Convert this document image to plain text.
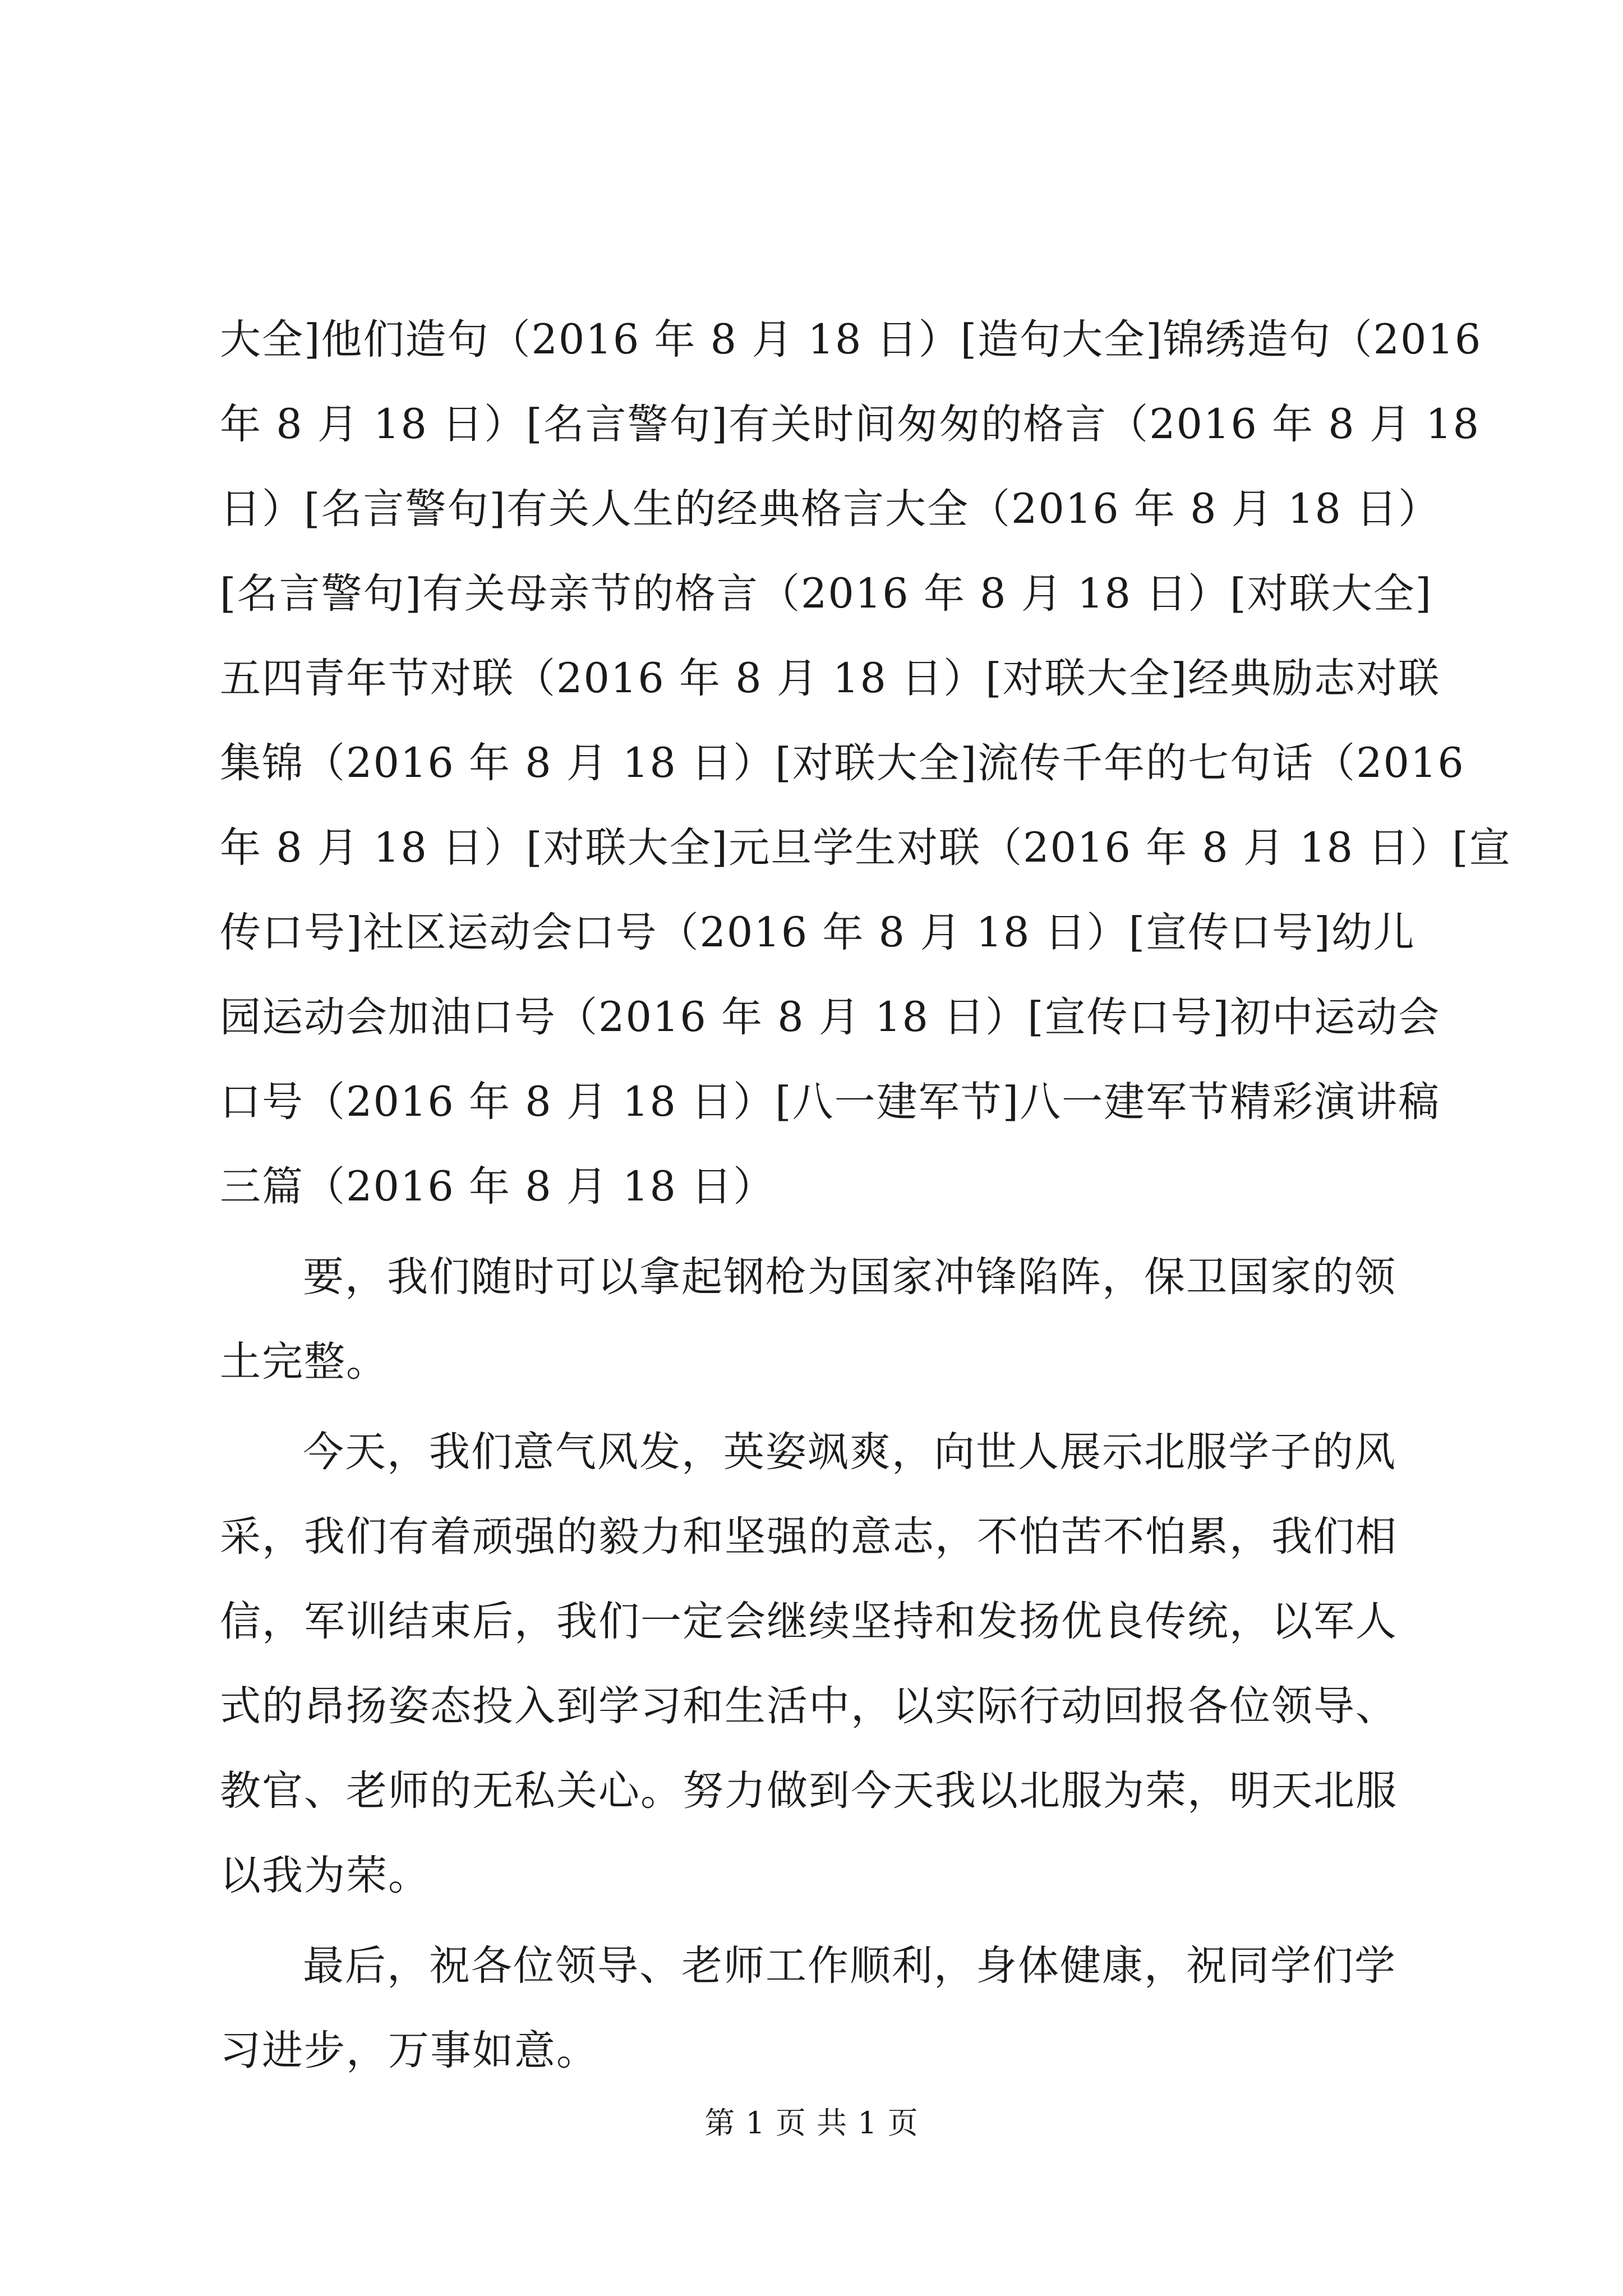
大全]他们造句（2016 年 8 月 18 日）[造句大全]锦绣造句（2016
年 8 月 18 日）[名言警句]有关时间匆匆的格言（2016 年 8 月 18
日）[名言警句]有关人生的经典格言大全（2016 年 8 月 18 日）
[名言警句]有关母亲节的格言（2016 年 8 月 18 日）[对联大全]
五四青年节对联（2016 年 8 月 18 日）[对联大全]经典励志对联
集锦（2016 年 8 月 18 日）[对联大全]流传千年的七句话（2016
年 8 月 18 日）[对联大全]元旦学生对联（2016 年 8 月 18 日）[宣
传口号]社区运动会口号（2016 年 8 月 18 日）[宣传口号]幼儿
园运动会加油口号（2016 年 8 月 18 日）[宣传口号]初中运动会
口号（2016 年 8 月 18 日）[八一建军节]八一建军节精彩演讲稿
三篇（2016 年 8 月 18 日）
要，我们随时可以拿起钢枪为国家冲锋陷阵，保卫国家的领
土完整。
今天，我们意气风发，英姿飒爽，向世人展示北服学子的风
采，我们有着顽强的毅力和坚强的意志，不怕苦不怕累，我们相
信，军训结束后，我们一定会继续坚持和发扬优良传统，以军人
式的昂扬姿态投入到学习和生活中，以实际行动回报各位领导、
教官、老师的无私关心。努力做到今天我以北服为荣，明天北服
以我为荣。
最后，祝各位领导、老师工作顺利，身体健康，祝同学们学
习进步，万事如意。
第 1 页 共 1 页
